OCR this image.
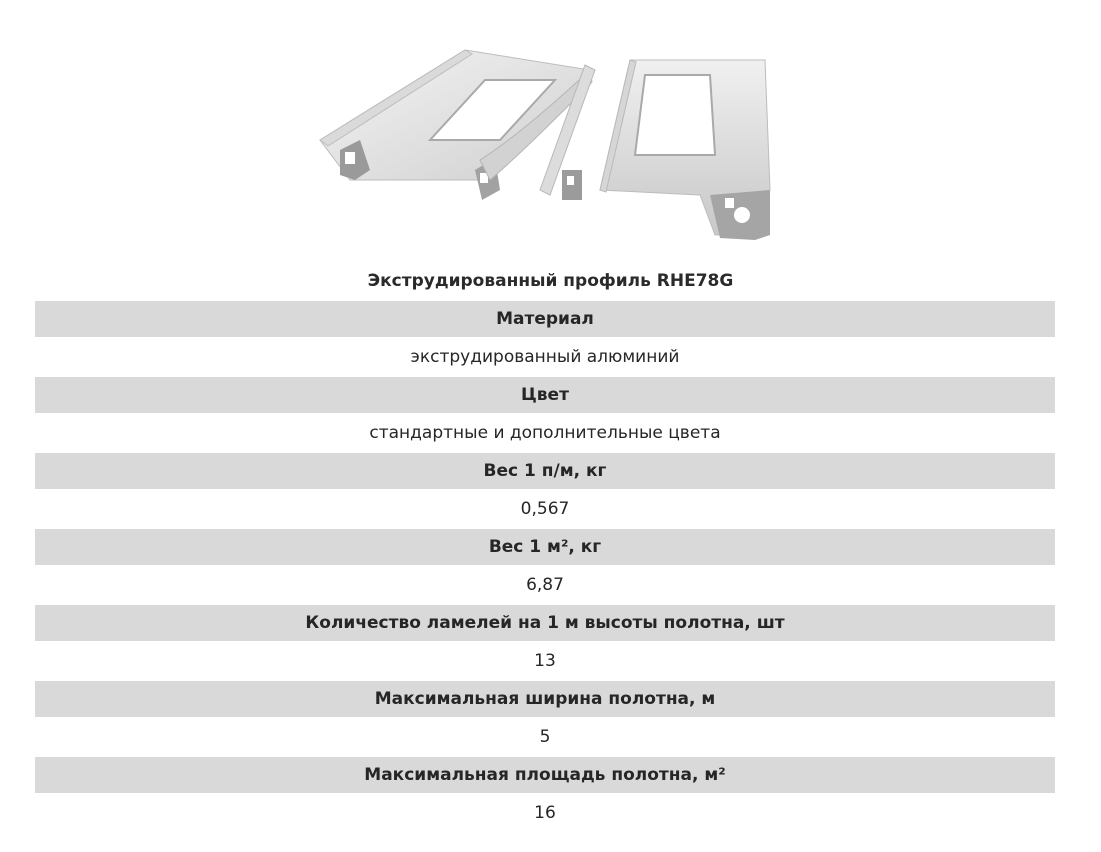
Экструдированный профиль RHE78G
Материал
экструдированный алюминий
Цвет
стандартные и дополнительные цвета
Вес 1 п/м, кг
0,567
Вес 1 м², кг
6,87
Количество ламелей на 1 м высоты полотна, шт
13
Максимальная ширина полотна, м
5
Максимальная площадь полотна, м²
16
